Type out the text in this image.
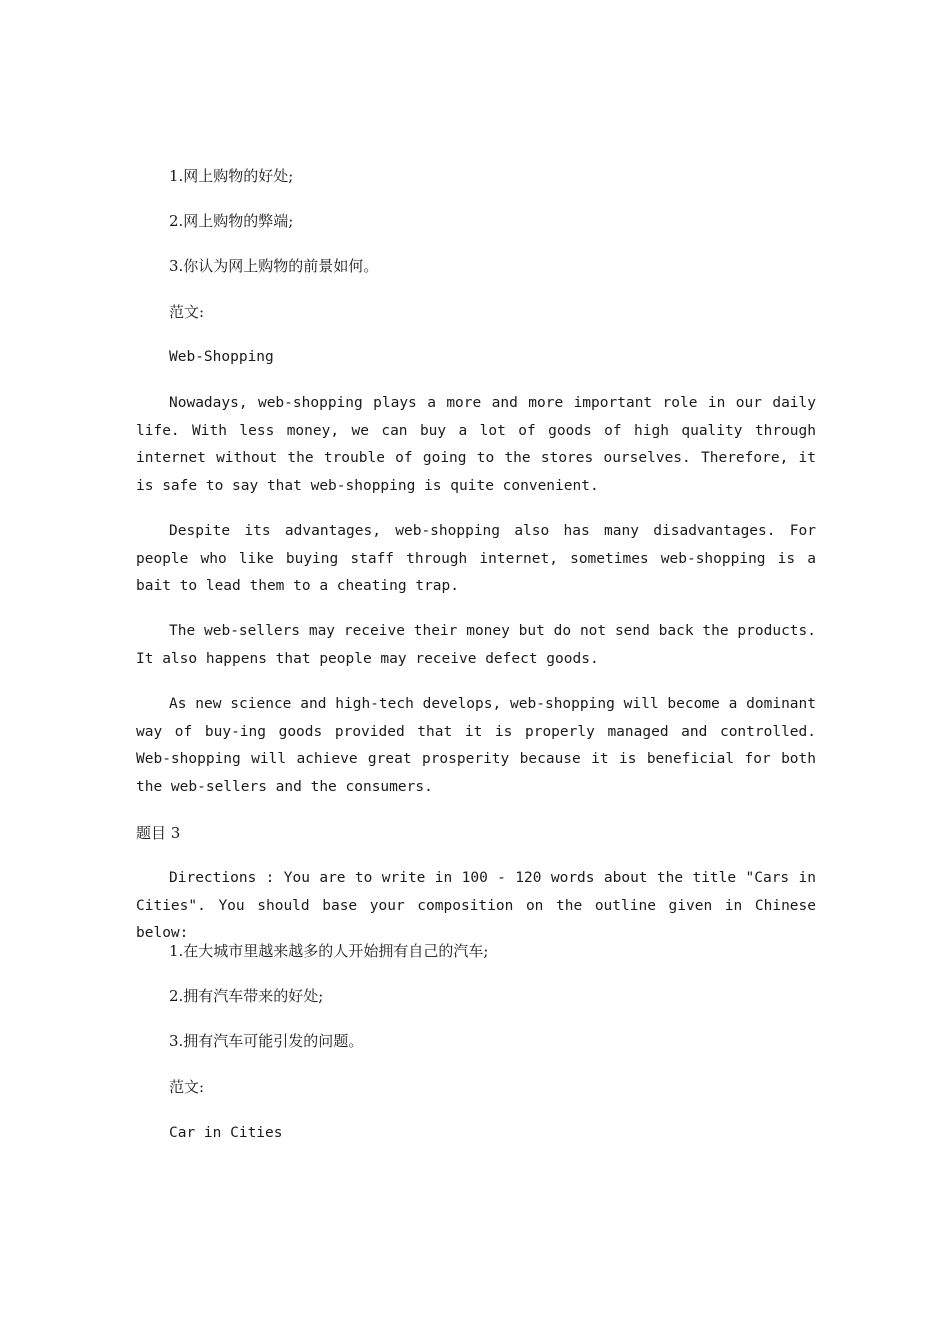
1.网上购物的好处;
2.网上购物的弊端;
3.你认为网上购物的前景如何。
范文:
Web-Shopping
Nowadays, web-shopping plays a more and more important role in our daily life. With less money, we can buy a lot of goods of high quality through internet without the trouble of going to the stores ourselves. Therefore, it is safe to say that web-shopping is quite convenient.
Despite its advantages, web-shopping also has many disadvantages. For people who like buying staff through internet, sometimes web-shopping is a bait to lead them to a cheating trap.
The web-sellers may receive their money but do not send back the products. It also happens that people may receive defect goods.
As new science and high-tech develops, web-shopping will become a dominant way of buy-ing goods provided that it is properly managed and controlled. Web-shopping will achieve great prosperity because it is beneficial for both the web-sellers and the consumers.
题目 3
Directions : You are to write in 100 - 120 words about the title "Cars in Cities". You should base your composition on the outline given in Chinese below:
1.在大城市里越来越多的人开始拥有自己的汽车;
2.拥有汽车带来的好处;
3.拥有汽车可能引发的问题。
范文:
Car in Cities
